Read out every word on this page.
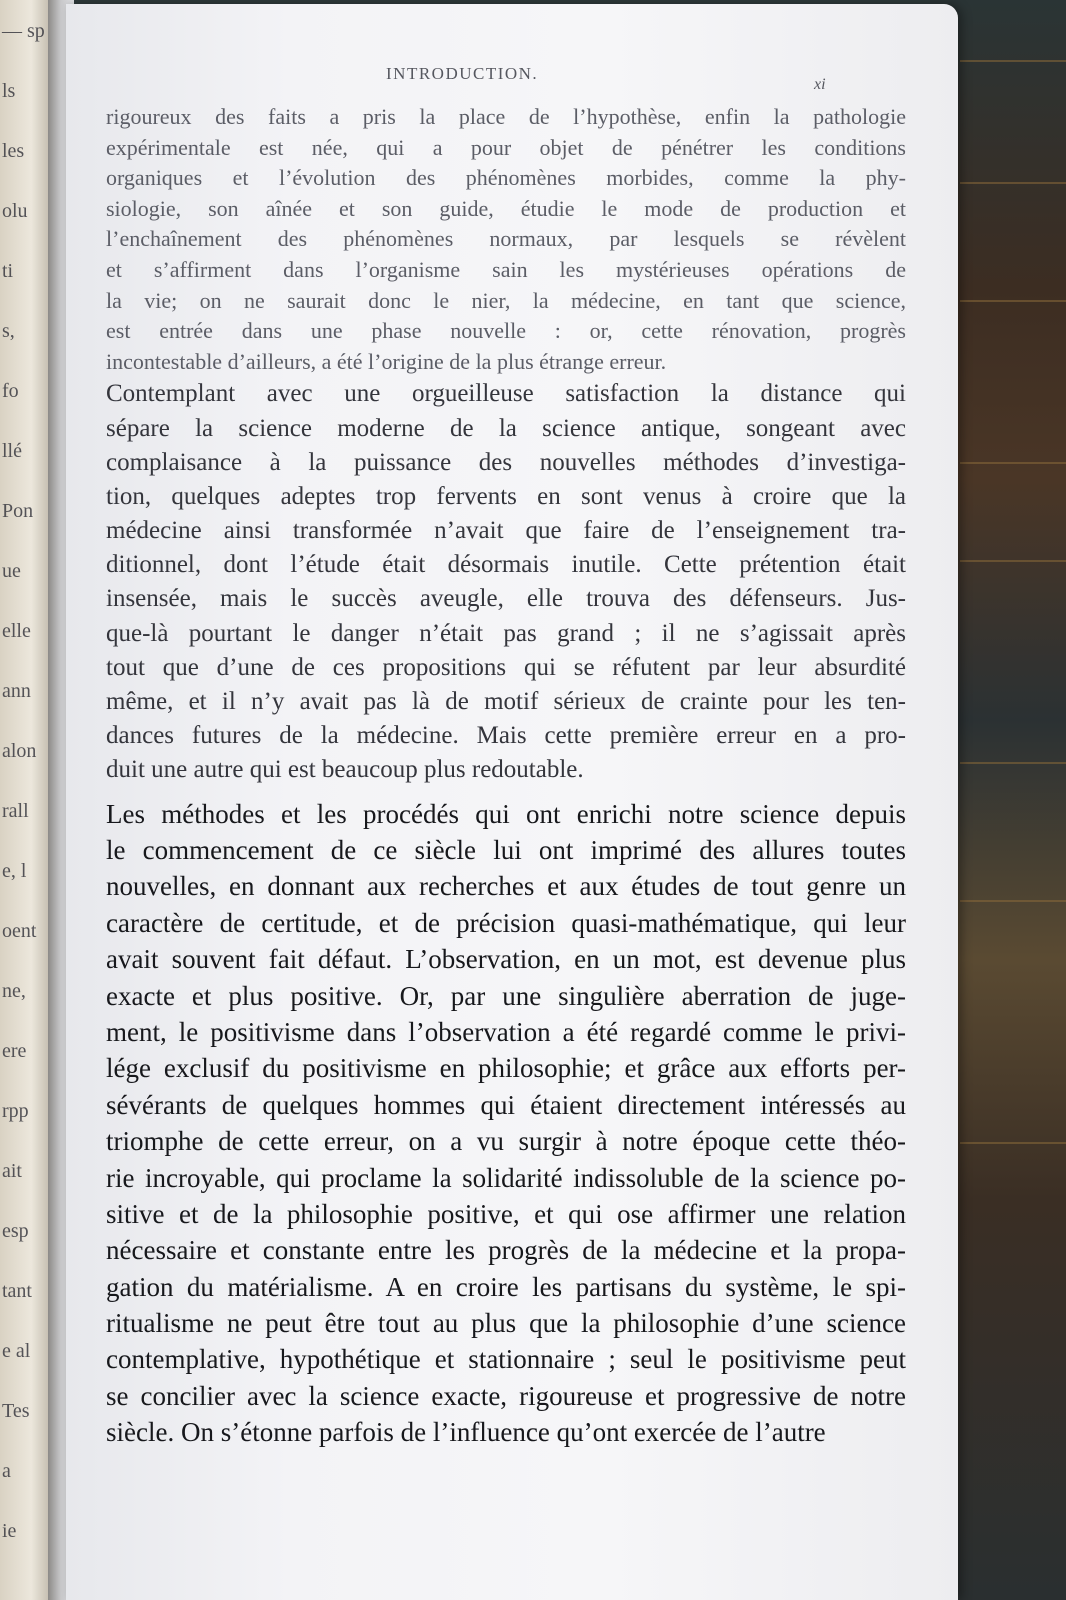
— sp
ls
les
olu
ti
s,
fo
llé
Pon
ue
elle
ann
alon
rall
e, l
oent
ne,
ere
rpp
ait
esp
tant
e al
Tes
a
ie
INTRODUCTION.
xi
rigoureux des faits a pris la place de l’hypothèse, enfin la pathologie
expérimentale est née, qui a pour objet de pénétrer les conditions
organiques et l’évolution des phénomènes morbides, comme la phy-
siologie, son aînée et son guide, étudie le mode de production et
l’enchaînement des phénomènes normaux, par lesquels se révèlent
et s’affirment dans l’organisme sain les mystérieuses opérations de
la vie; on ne saurait donc le nier, la médecine, en tant que science,
est entrée dans une phase nouvelle : or, cette rénovation, progrès
incontestable d’ailleurs, a été l’origine de la plus étrange erreur.
Contemplant avec une orgueilleuse satisfaction la distance qui
sépare la science moderne de la science antique, songeant avec
complaisance à la puissance des nouvelles méthodes d’investiga-
tion, quelques adeptes trop fervents en sont venus à croire que la
médecine ainsi transformée n’avait que faire de l’enseignement tra-
ditionnel, dont l’étude était désormais inutile. Cette prétention était
insensée, mais le succès aveugle, elle trouva des défenseurs. Jus-
que-là pourtant le danger n’était pas grand ; il ne s’agissait après
tout que d’une de ces propositions qui se réfutent par leur absurdité
même, et il n’y avait pas là de motif sérieux de crainte pour les ten-
dances futures de la médecine. Mais cette première erreur en a pro-
duit une autre qui est beaucoup plus redoutable.
Les méthodes et les procédés qui ont enrichi notre science depuis
le commencement de ce siècle lui ont imprimé des allures toutes
nouvelles, en donnant aux recherches et aux études de tout genre un
caractère de certitude, et de précision quasi-mathématique, qui leur
avait souvent fait défaut. L’observation, en un mot, est devenue plus
exacte et plus positive. Or, par une singulière aberration de juge-
ment, le positivisme dans l’observation a été regardé comme le privi-
lége exclusif du positivisme en philosophie; et grâce aux efforts per-
sévérants de quelques hommes qui étaient directement intéressés au
triomphe de cette erreur, on a vu surgir à notre époque cette théo-
rie incroyable, qui proclame la solidarité indissoluble de la science po-
sitive et de la philosophie positive, et qui ose affirmer une relation
nécessaire et constante entre les progrès de la médecine et la propa-
gation du matérialisme. A en croire les partisans du système, le spi-
ritualisme ne peut être tout au plus que la philosophie d’une science
contemplative, hypothétique et stationnaire ; seul le positivisme peut
se concilier avec la science exacte, rigoureuse et progressive de notre
siècle. On s’étonne parfois de l’influence qu’ont exercée de l’autre
